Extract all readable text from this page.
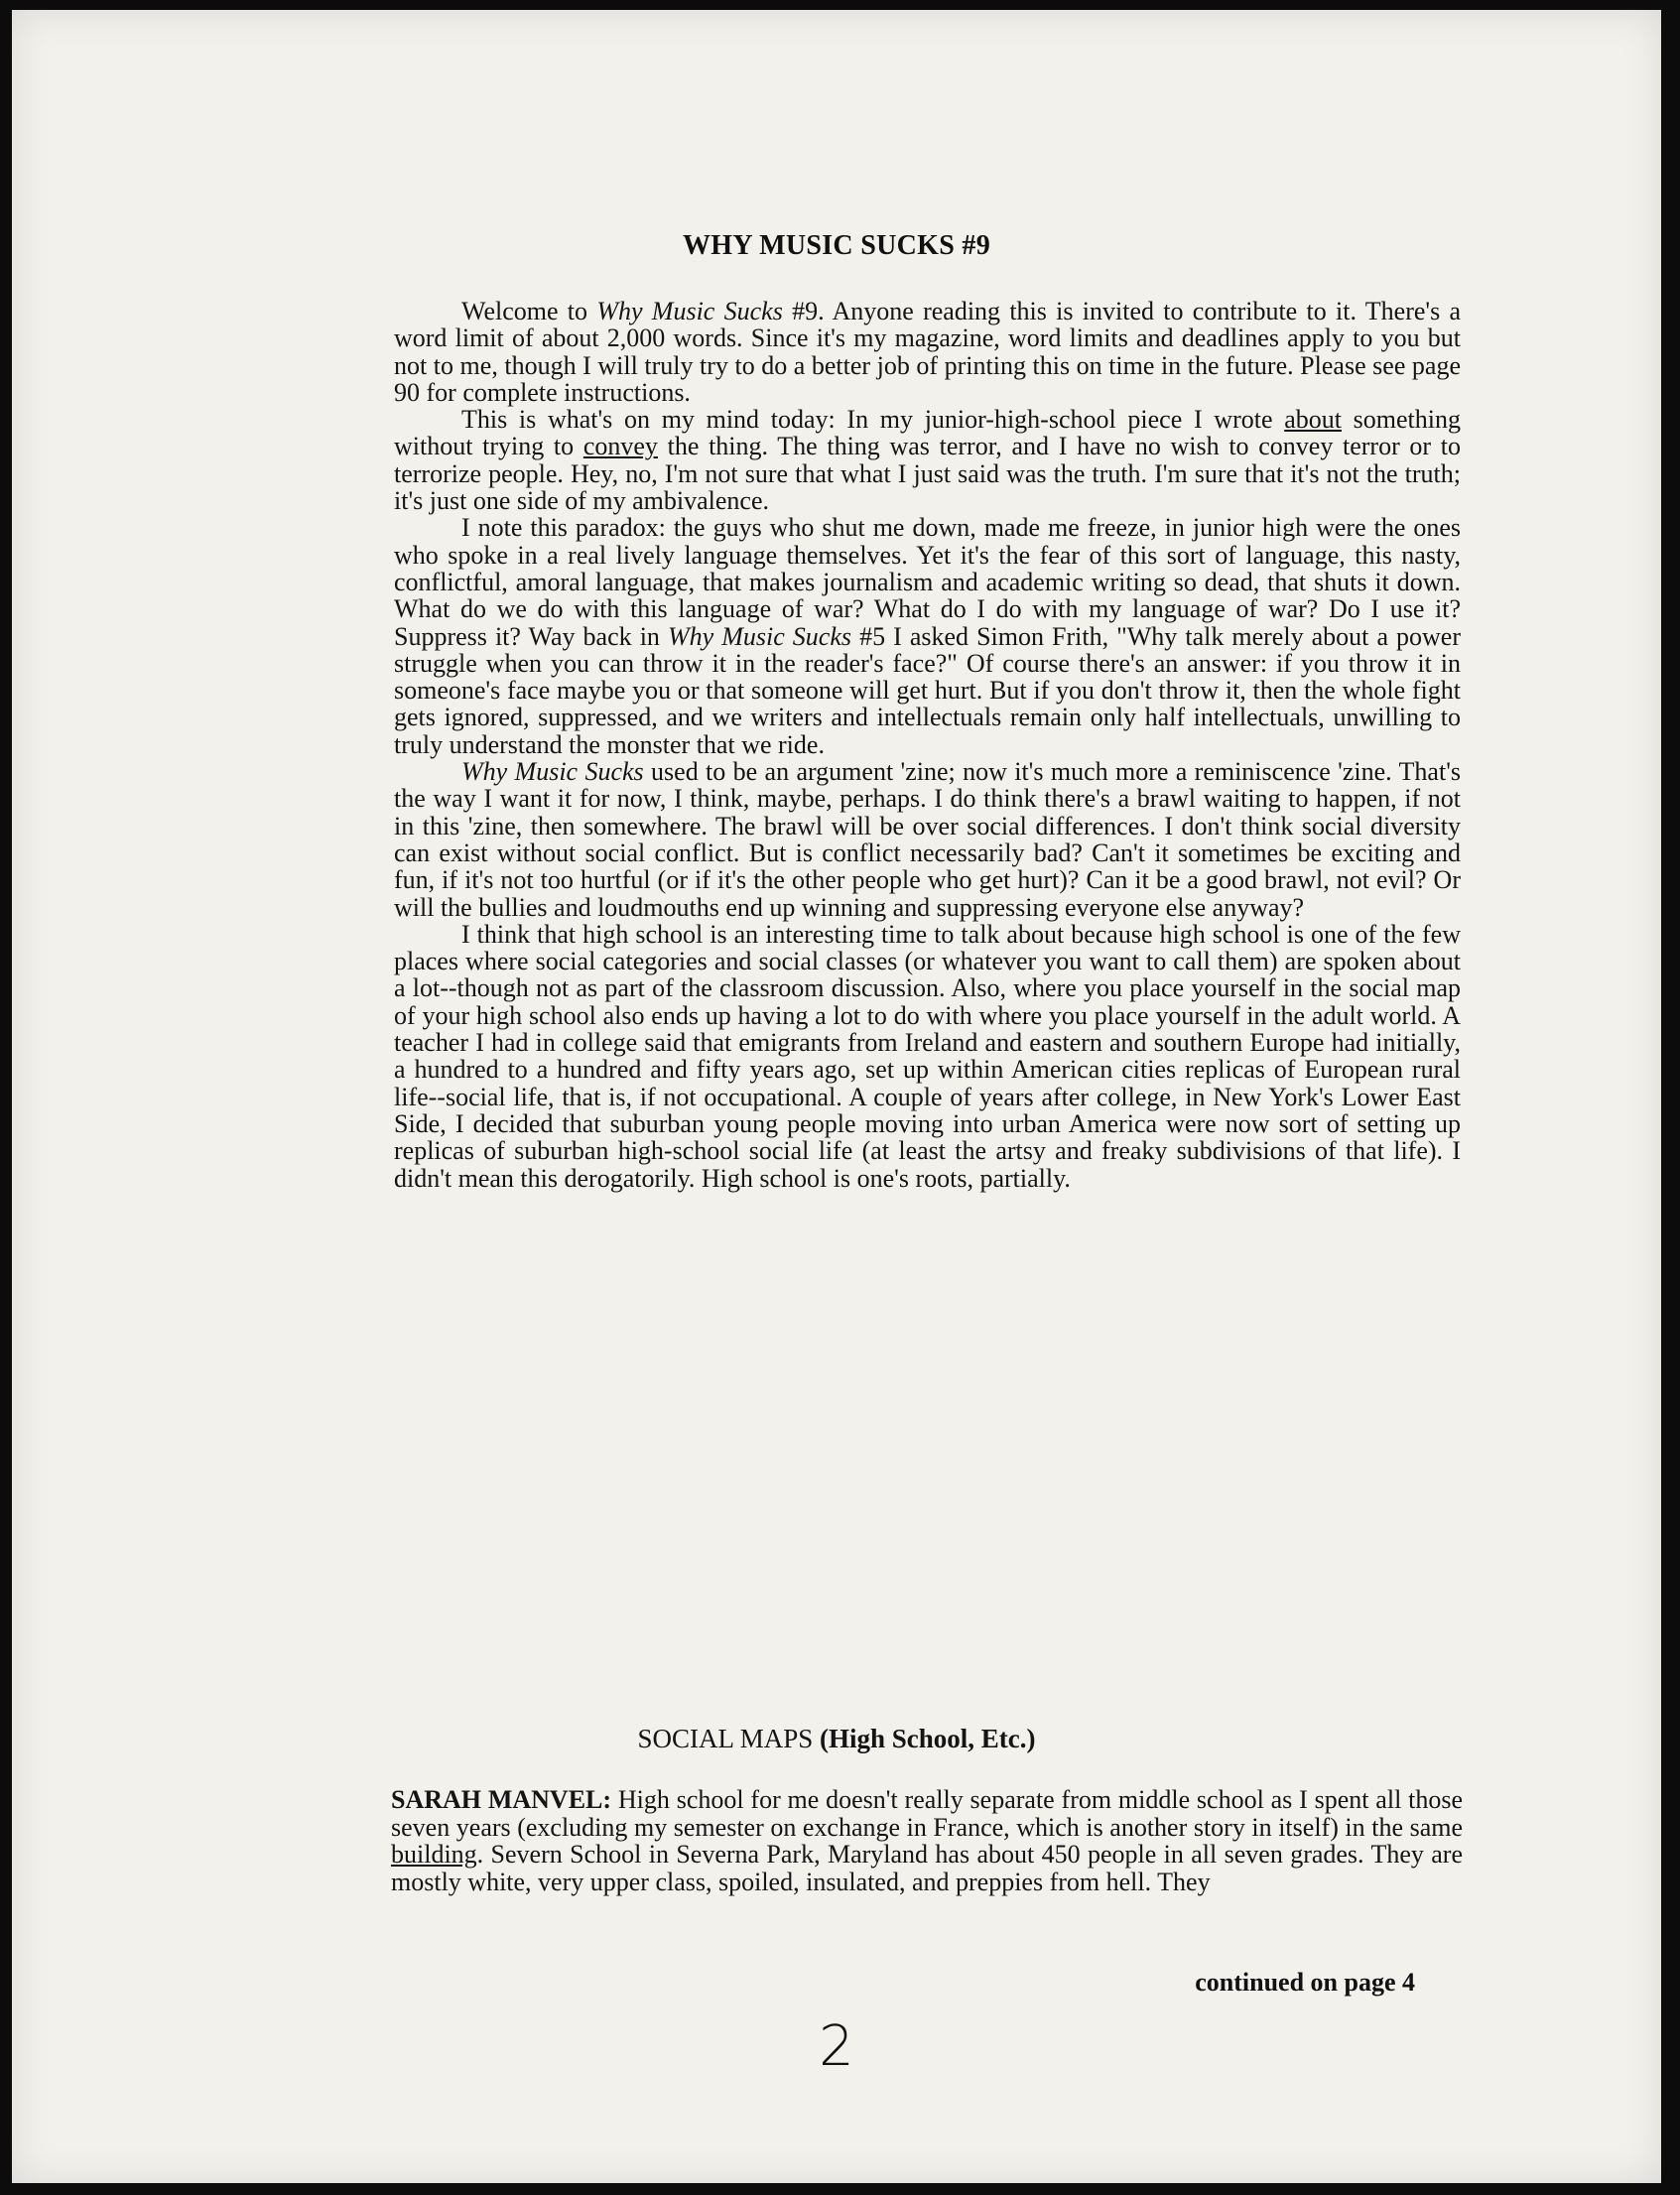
WHY MUSIC SUCKS #9

Welcome to Why Music Sucks #9. Anyone reading this is invited to contribute to it. There's a word limit of about 2,000 words. Since it's my magazine, word limits and deadlines apply to you but not to me, though I will truly try to do a better job of printing this on time in the future. Please see page 90 for complete instructions.

This is what's on my mind today: In my junior-high-school piece I wrote about something without trying to convey the thing. The thing was terror, and I have no wish to convey terror or to terrorize people. Hey, no, I'm not sure that what I just said was the truth. I'm sure that it's not the truth; it's just one side of my ambivalence.

I note this paradox: the guys who shut me down, made me freeze, in junior high were the ones who spoke in a real lively language themselves. Yet it's the fear of this sort of language, this nasty, conflictful, amoral language, that makes journalism and academic writing so dead, that shuts it down. What do we do with this language of war? What do I do with my language of war? Do I use it? Suppress it? Way back in Why Music Sucks #5 I asked Simon Frith, "Why talk merely about a power struggle when you can throw it in the reader's face?" Of course there's an answer: if you throw it in someone's face maybe you or that someone will get hurt. But if you don't throw it, then the whole fight gets ignored, suppressed, and we writers and intellectuals remain only half intellectuals, unwilling to truly understand the monster that we ride.

Why Music Sucks used to be an argument 'zine; now it's much more a reminiscence 'zine. That's the way I want it for now, I think, maybe, perhaps. I do think there's a brawl waiting to happen, if not in this 'zine, then somewhere. The brawl will be over social differences. I don't think social diversity can exist without social conflict. But is conflict necessarily bad? Can't it sometimes be exciting and fun, if it's not too hurtful (or if it's the other people who get hurt)? Can it be a good brawl, not evil? Or will the bullies and loudmouths end up winning and suppressing everyone else anyway?

I think that high school is an interesting time to talk about because high school is one of the few places where social categories and social classes (or whatever you want to call them) are spoken about a lot--though not as part of the classroom discussion. Also, where you place yourself in the social map of your high school also ends up having a lot to do with where you place yourself in the adult world. A teacher I had in college said that emigrants from Ireland and eastern and southern Europe had initially, a hundred to a hundred and fifty years ago, set up within American cities replicas of European rural life--social life, that is, if not occupational. A couple of years after college, in New York's Lower East Side, I decided that suburban young people moving into urban America were now sort of setting up replicas of suburban high-school social life (at least the artsy and freaky subdivisions of that life). I didn't mean this derogatorily. High school is one's roots, partially.

SOCIAL MAPS (High School, Etc.)
SARAH MANVEL: High school for me doesn't really separate from middle school as I spent all those seven years (excluding my semester on exchange in France, which is another story in itself) in the same building. Severn School in Severna Park, Maryland has about 450 people in all seven grades. They are mostly white, very upper class, spoiled, insulated, and preppies from hell. They
continued on page 4
2
